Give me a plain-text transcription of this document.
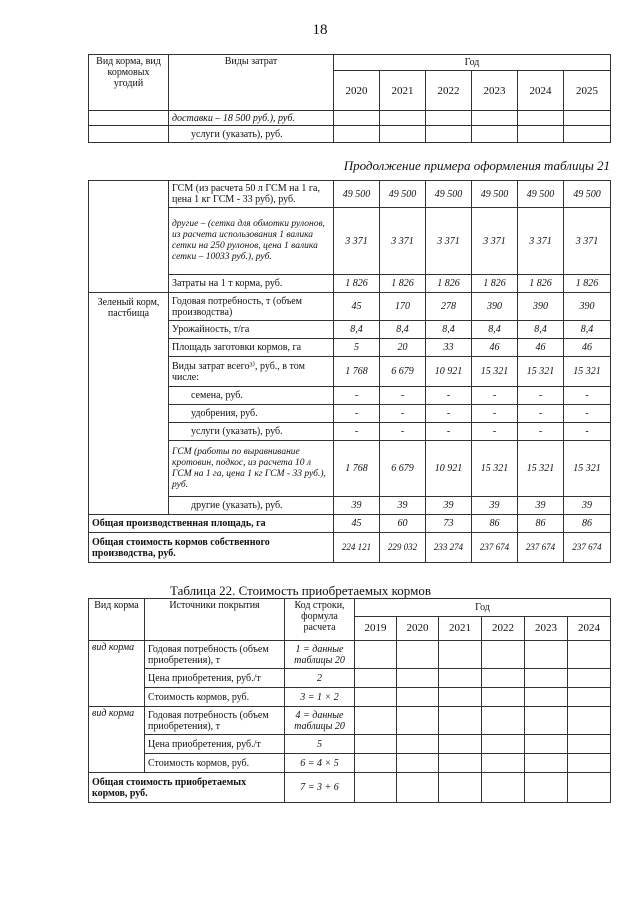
18
Вид корма, вид кормовых угодий	Виды затрат	Год					
		2020	2021	2022	2023	2024	2025
	доставки – 18 500 руб.), руб.						
	услуги (указать), руб.						
Продолжение примера оформления таблицы 21
	ГСМ (из расчета 50 л ГСМ на 1 га, цена 1 кг ГСМ - 33 руб), руб.	49 500	49 500	49 500	49 500	49 500	49 500
	другие – (сетка для обмотки рулонов, из расчета использования 1 валика сетки на 250 рулонов, цена 1 валика сетки – 10033 руб.), руб.	3 371	3 371	3 371	3 371	3 371	3 371
	Затраты на 1 т корма, руб.	1 826	1 826	1 826	1 826	1 826	1 826
Зеленый корм, пастбища	Годовая потребность, т (объем производства)	45	170	278	390	390	390
	Урожайность, т/га	8,4	8,4	8,4	8,4	8,4	8,4
	Площадь заготовки кормов, га	5	20	33	46	46	46
	Виды затрат всего³⁾, руб., в том числе:	1 768	6 679	10 921	15 321	15 321	15 321
	семена, руб.	-	-	-	-	-	-
	удобрения, руб.	-	-	-	-	-	-
	услуги (указать), руб.	-	-	-	-	-	-
	ГСМ (работы по выравнивание кротовин, подкос, из расчета 10 л ГСМ на 1 га, цена 1 кг ГСМ - 33 руб.), руб.	1 768	6 679	10 921	15 321	15 321	15 321
	другие (указать), руб.	39	39	39	39	39	39
Общая производственная площадь, га		45	60	73	86	86	86
Общая стоимость кормов собственного производства, руб.		224 121	229 032	233 274	237 674	237 674	237 674
Таблица 22. Стоимость приобретаемых кормов
Вид корма	Источники покрытия	Код строки, формула расчета	Год					
			2019	2020	2021	2022	2023	2024
вид корма	Годовая потребность (объем приобретения), т	1 = данные таблицы 20						
	Цена приобретения, руб./т	2						
	Стоимость кормов, руб.	3 = 1 × 2						
вид корма	Годовая потребность (объем приобретения), т	4 = данные таблицы 20						
	Цена приобретения, руб./т	5						
	Стоимость кормов, руб.	6 = 4 × 5						
Общая стоимость приобретаемых кормов, руб.		7 = 3 + 6						
